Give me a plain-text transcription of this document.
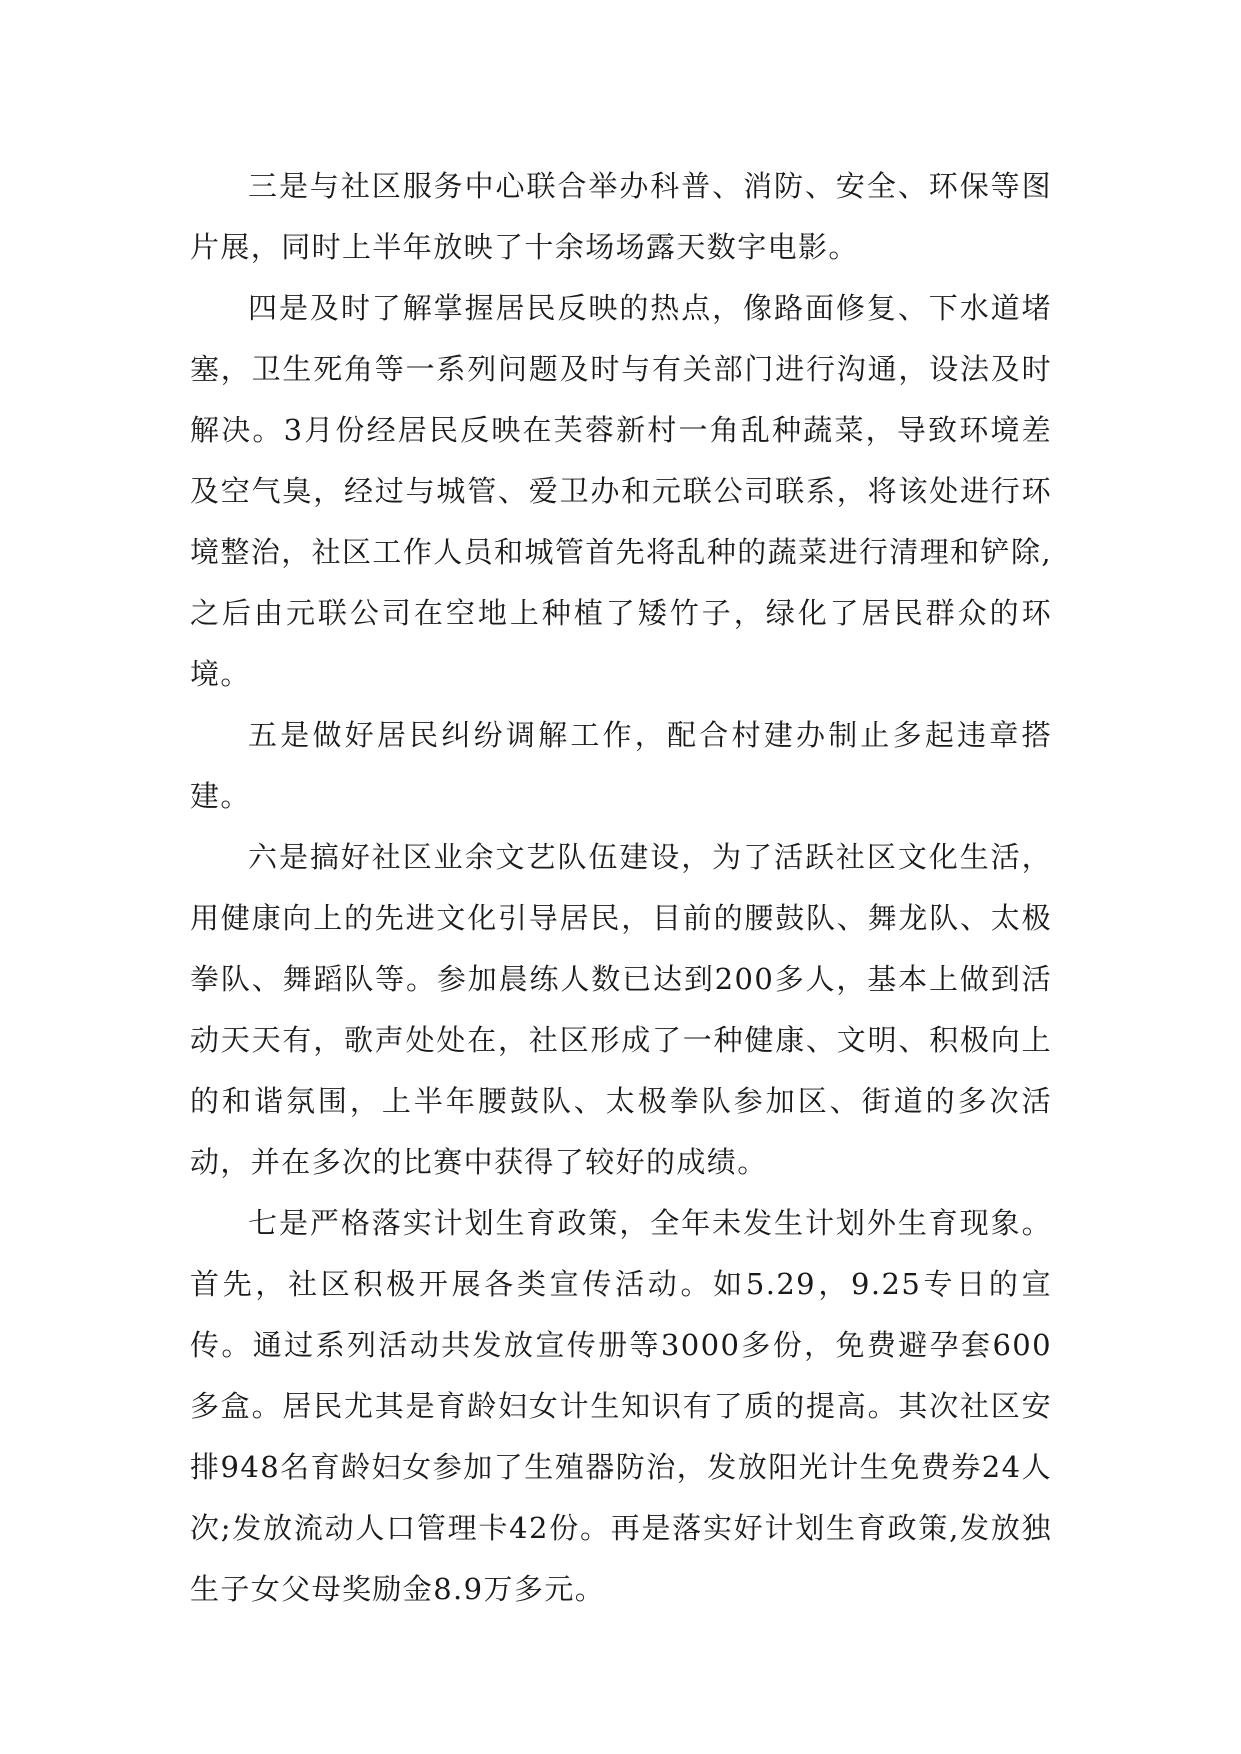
三是与社区服务中心联合举办科普、消防、安全、环保等图片展，同时上半年放映了十余场场露天数字电影。

四是及时了解掌握居民反映的热点，像路面修复、下水道堵塞，卫生死角等一系列问题及时与有关部门进行沟通，设法及时解决。3月份经居民反映在芙蓉新村一角乱种蔬菜，导致环境差及空气臭，经过与城管、爱卫办和元联公司联系，将该处进行环境整治，社区工作人员和城管首先将乱种的蔬菜进行清理和铲除,之后由元联公司在空地上种植了矮竹子，绿化了居民群众的环境。

五是做好居民纠纷调解工作，配合村建办制止多起违章搭建。

六是搞好社区业余文艺队伍建设，为了活跃社区文化生活，用健康向上的先进文化引导居民，目前的腰鼓队、舞龙队、太极拳队、舞蹈队等。参加晨练人数已达到200多人，基本上做到活动天天有，歌声处处在，社区形成了一种健康、文明、积极向上的和谐氛围，上半年腰鼓队、太极拳队参加区、街道的多次活动，并在多次的比赛中获得了较好的成绩。

七是严格落实计划生育政策，全年未发生计划外生育现象。首先，社区积极开展各类宣传活动。如5.29，9.25专日的宣传。通过系列活动共发放宣传册等3000多份，免费避孕套600多盒。居民尤其是育龄妇女计生知识有了质的提高。其次社区安排948名育龄妇女参加了生殖器防治，发放阳光计生免费券24人次;发放流动人口管理卡42份。再是落实好计划生育政策,发放独生子女父母奖励金8.9万多元。
